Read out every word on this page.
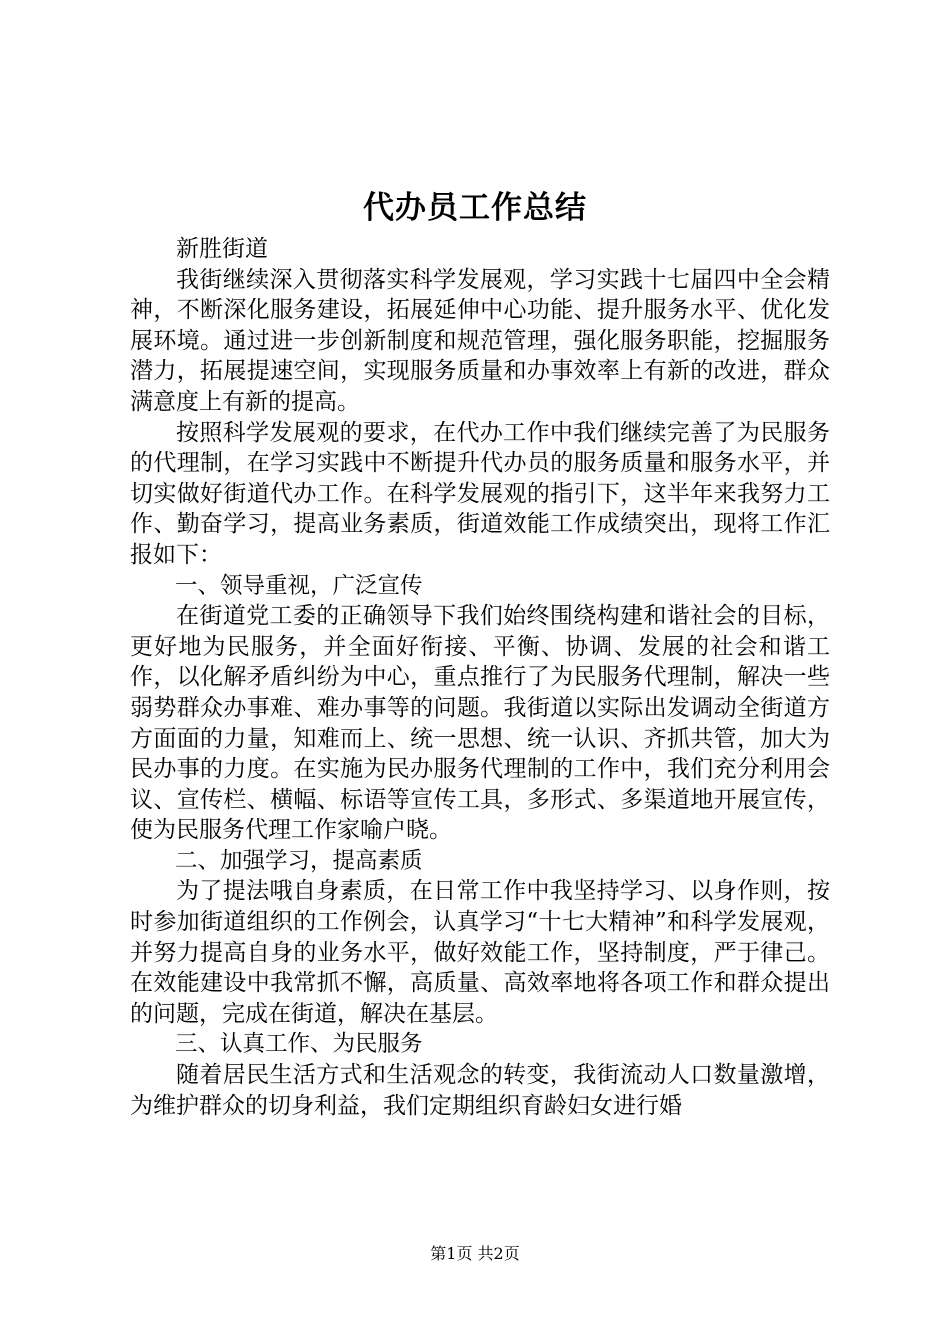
代办员工作总结

新胜街道

我街继续深入贯彻落实科学发展观，学习实践十七届四中全会精神，不断深化服务建设，拓展延伸中心功能、提升服务水平、优化发展环境。通过进一步创新制度和规范管理，强化服务职能，挖掘服务潜力，拓展提速空间，实现服务质量和办事效率上有新的改进，群众满意度上有新的提高。

按照科学发展观的要求，在代办工作中我们继续完善了为民服务的代理制，在学习实践中不断提升代办员的服务质量和服务水平，并切实做好街道代办工作。在科学发展观的指引下，这半年来我努力工作、勤奋学习，提高业务素质，街道效能工作成绩突出，现将工作汇报如下：

一、领导重视，广泛宣传

在街道党工委的正确领导下我们始终围绕构建和谐社会的目标，更好地为民服务，并全面好衔接、平衡、协调、发展的社会和谐工作，以化解矛盾纠纷为中心，重点推行了为民服务代理制，解决一些弱势群众办事难、难办事等的问题。我街道以实际出发调动全街道方方面面的力量，知难而上、统一思想、统一认识、齐抓共管，加大为民办事的力度。在实施为民办服务代理制的工作中，我们充分利用会议、宣传栏、横幅、标语等宣传工具，多形式、多渠道地开展宣传，使为民服务代理工作家喻户晓。

二、加强学习，提高素质

为了提法哦自身素质，在日常工作中我坚持学习、以身作则，按时参加街道组织的工作例会，认真学习“十七大精神”和科学发展观，并努力提高自身的业务水平，做好效能工作，坚持制度，严于律己。在效能建设中我常抓不懈，高质量、高效率地将各项工作和群众提出的问题，完成在街道，解决在基层。

三、认真工作、为民服务

随着居民生活方式和生活观念的转变，我街流动人口数量激增，为维护群众的切身利益，我们定期组织育龄妇女进行婚

第1页 共2页
